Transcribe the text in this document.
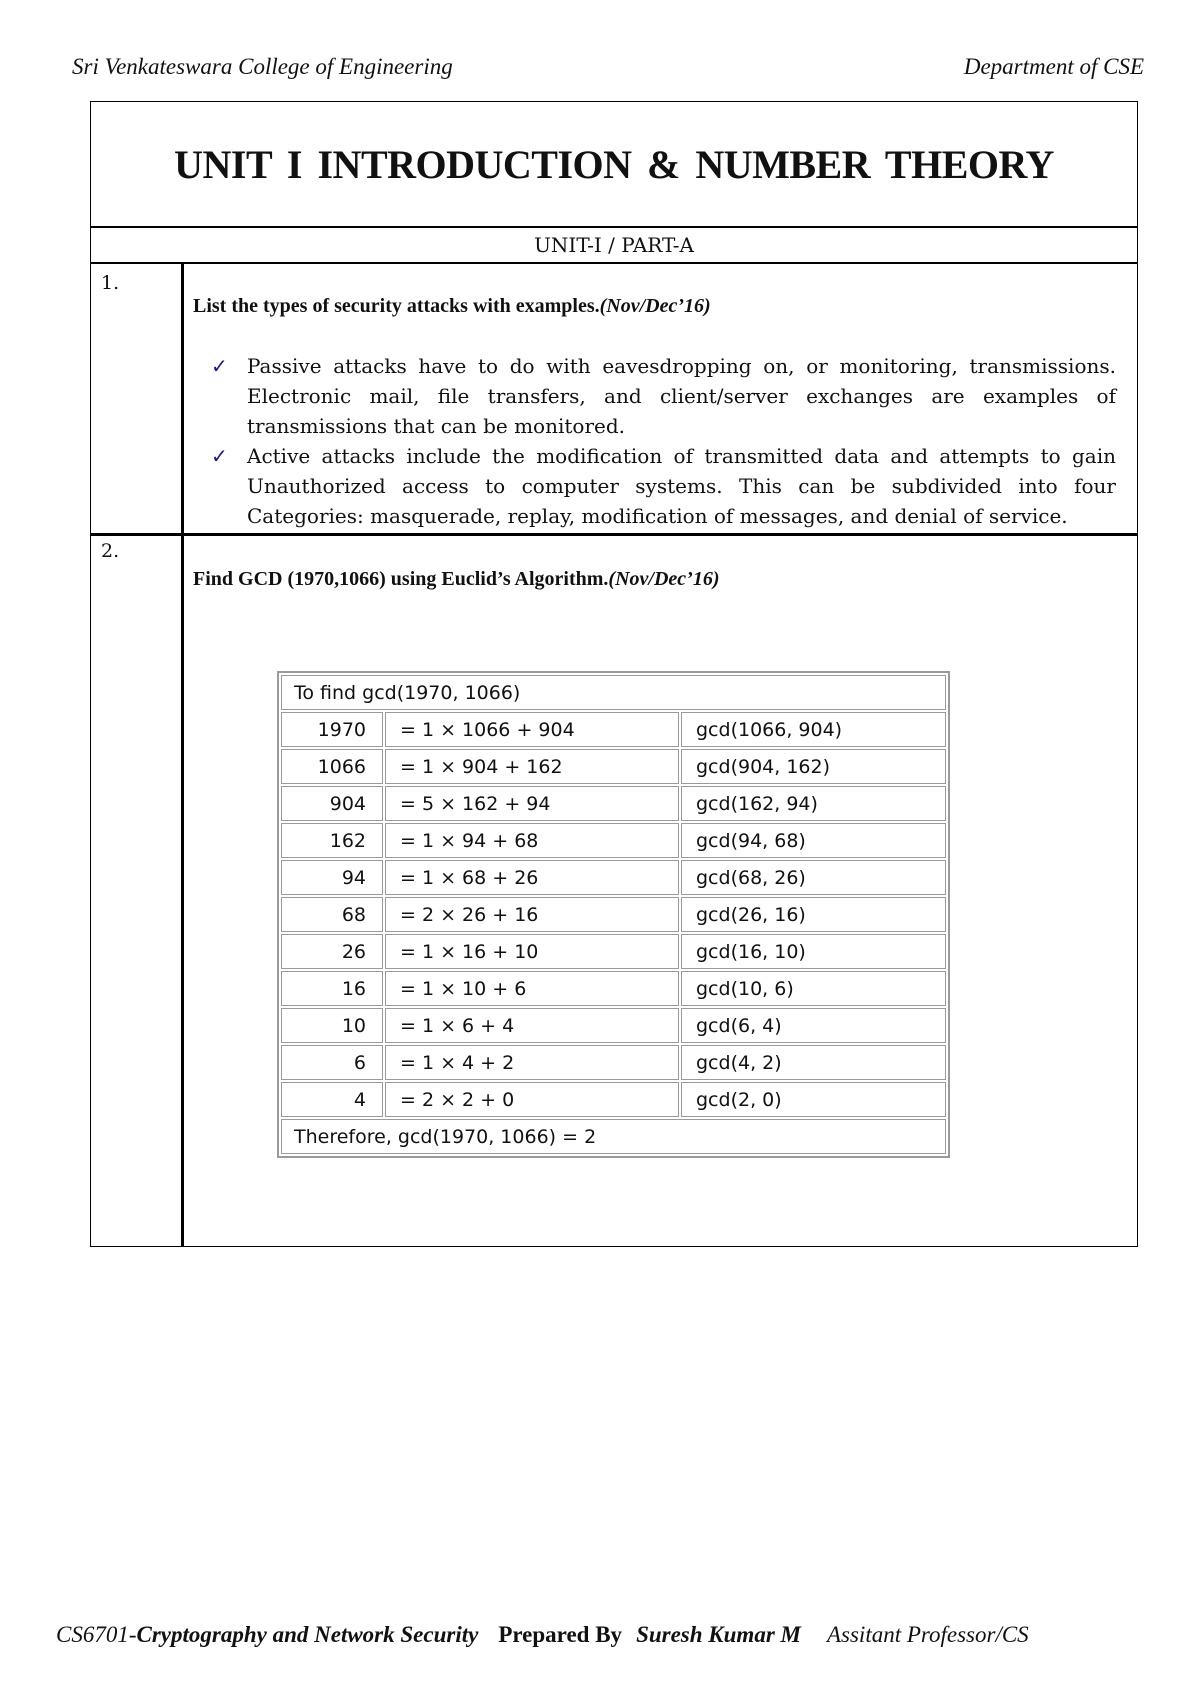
Sri Venkateswara College of Engineering	Department of CSE
UNIT I INTRODUCTION & NUMBER THEORY
UNIT-I / PART-A
1.
List the types of security attacks with examples.(Nov/Dec’16)
✓ Passive attacks have to do with eavesdropping on, or monitoring, transmissions. Electronic mail, file transfers, and client/server exchanges are examples of transmissions that can be monitored.
✓ Active attacks include the modification of transmitted data and attempts to gain Unauthorized access to computer systems. This can be subdivided into four Categories: masquerade, replay, modification of messages, and denial of service.
2.
Find GCD (1970,1066) using Euclid’s Algorithm.(Nov/Dec’16)
To find gcd(1970, 1066)		
1970	= 1 × 1066 + 904	gcd(1066, 904)
1066	= 1 × 904 + 162	gcd(904, 162)
904	= 5 × 162 + 94	gcd(162, 94)
162	= 1 × 94 + 68	gcd(94, 68)
94	= 1 × 68 + 26	gcd(68, 26)
68	= 2 × 26 + 16	gcd(26, 16)
26	= 1 × 16 + 10	gcd(16, 10)
16	= 1 × 10 + 6	gcd(10, 6)
10	= 1 × 6 + 4	gcd(6, 4)
6	= 1 × 4 + 2	gcd(4, 2)
4	= 2 × 2 + 0	gcd(2, 0)
Therefore, gcd(1970, 1066) = 2		
CS6701-Cryptography and Network Security Prepared By Suresh Kumar M Assitant Professor/CS
